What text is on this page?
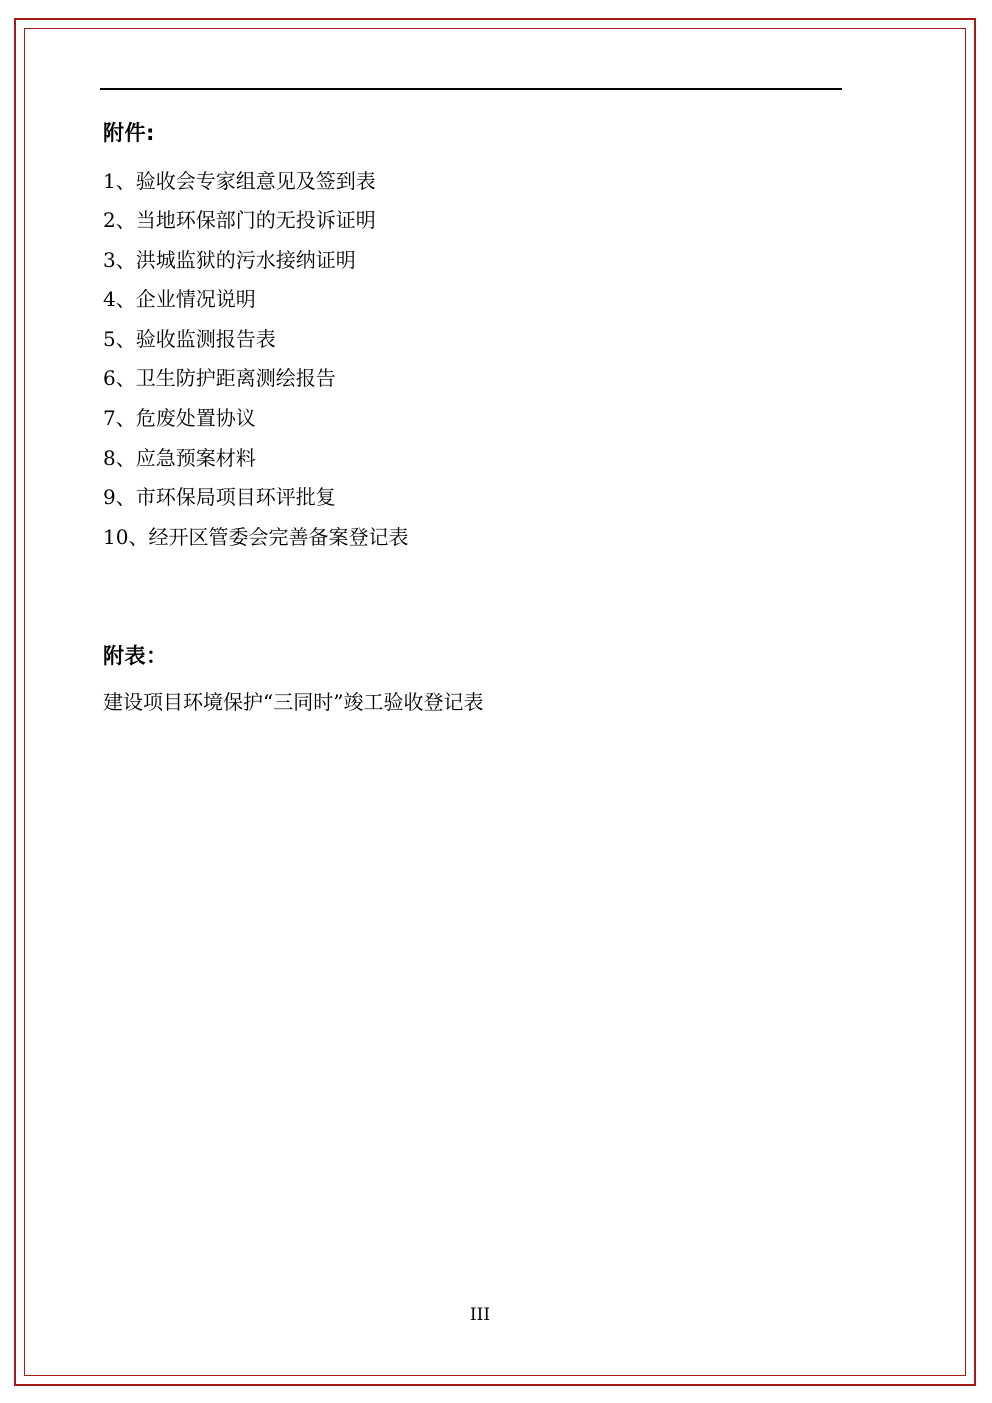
附件:
1、验收会专家组意见及签到表
2、当地环保部门的无投诉证明
3、洪城监狱的污水接纳证明
4、企业情况说明
5、验收监测报告表
6、卫生防护距离测绘报告
7、危废处置协议
8、应急预案材料
9、市环保局项目环评批复
10、经开区管委会完善备案登记表
附表：
建设项目环境保护“三同时”竣工验收登记表
III
